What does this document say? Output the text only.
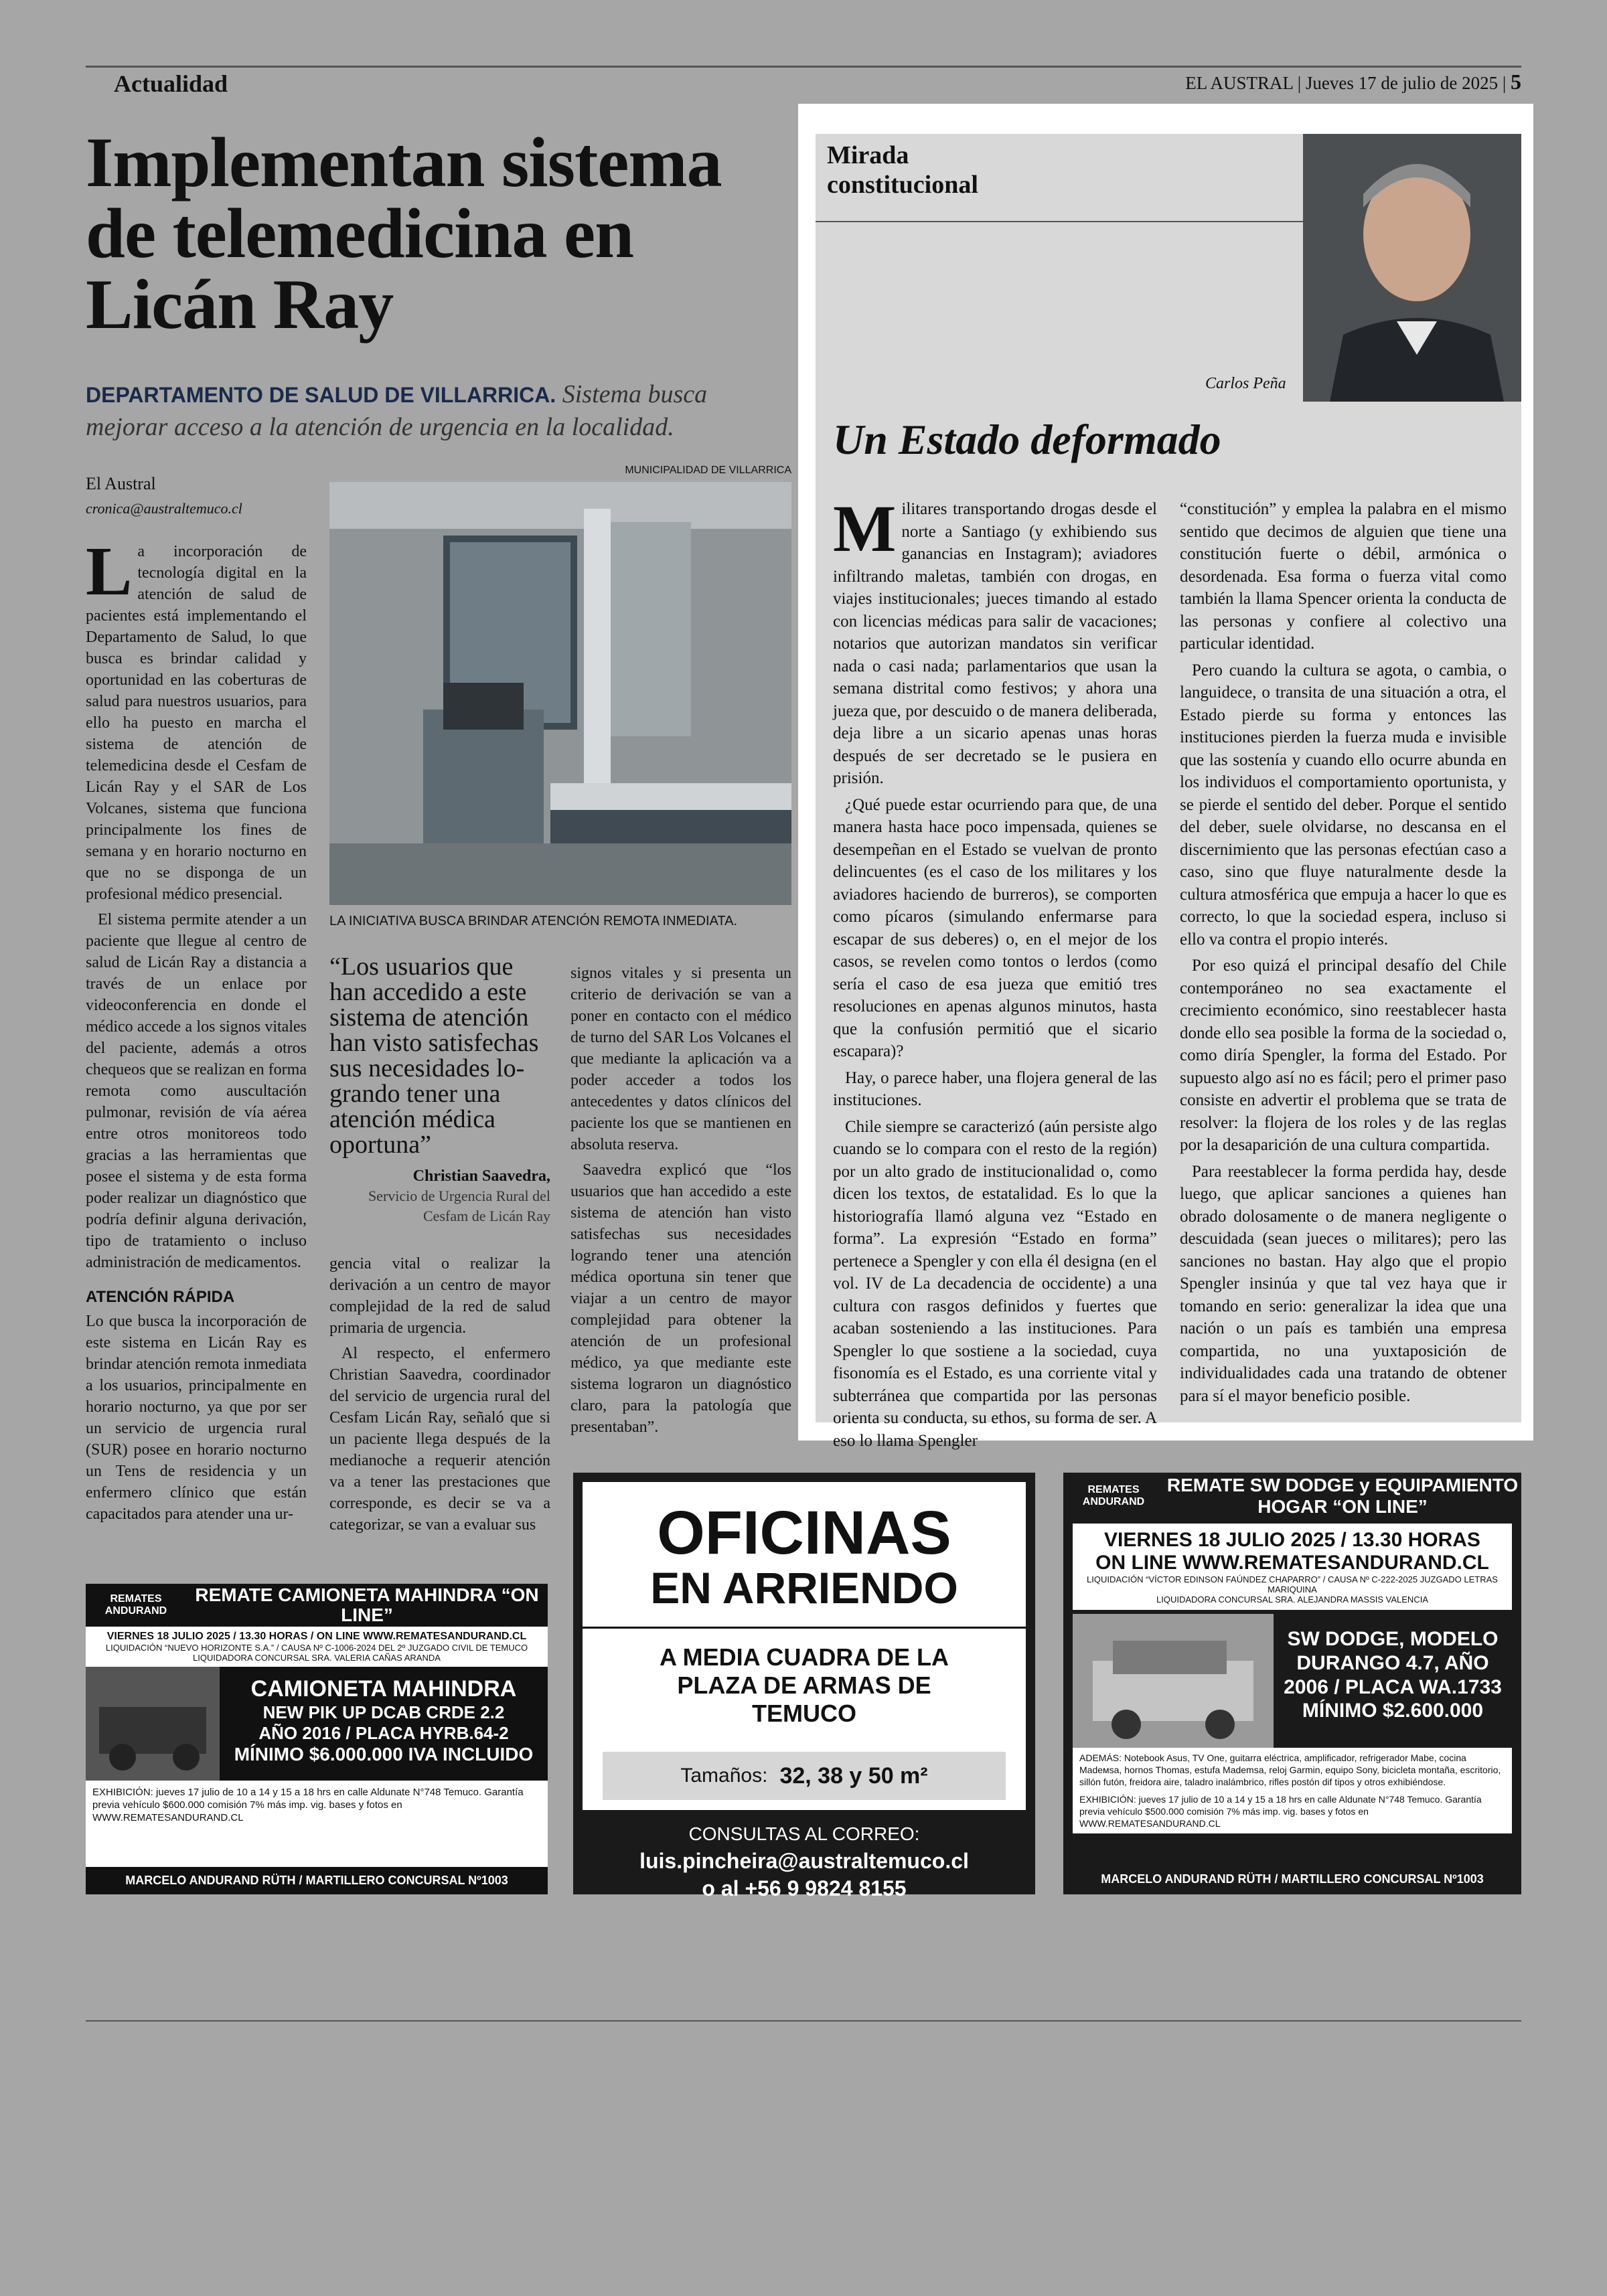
Actualidad	EL AUSTRAL | Jueves 17 de julio de 2025 | 5
Implementan sistema de telemedicina en Licán Ray
DEPARTAMENTO DE SALUD DE VILLARRICA. Sistema busca mejorar acceso a la atención de urgencia en la localidad.
El Austral
cronica@australtemuco.cl

La incorporación de tecnología digital en la atención de salud de pacientes está implementando el Departamento de Salud, lo que busca es brindar calidad y oportunidad en las coberturas de salud para nuestros usuarios, para ello ha puesto en marcha el sistema de atención de telemedicina desde el Cesfam de Licán Ray y el SAR de Los Volcanes, sistema que funciona principalmente los fines de semana y en horario nocturno en que no se disponga de un profesional médico presencial.

El sistema permite atender a un paciente que llegue al centro de salud de Licán Ray a distancia a través de un enlace por videoconferencia en donde el médico accede a los signos vitales del paciente, además a otros chequeos que se realizan en forma remota como auscultación pulmonar, revisión de vía aérea entre otros monitoreos todo gracias a las herramientas que posee el sistema y de esta forma poder realizar un diagnóstico que podría definir alguna derivación, tipo de tratamiento o incluso administración de medicamentos.

ATENCIÓN RÁPIDA

Lo que busca la incorporación de este sistema en Licán Ray es brindar atención remota inmediata a los usuarios, principalmente en horario nocturno, ya que por ser un servicio de urgencia rural (SUR) posee en horario nocturno un Tens de residencia y un enfermero clínico que están capacitados para atender una ur-

MUNICIPALIDAD DE VILLARRICA
LA INICIATIVA BUSCA BRINDAR ATENCIÓN REMOTA INMEDIATA.
“Los usuarios que han accedido a este sistema de atención han visto satisfechas sus necesidades lo- grando tener una atención médica oportuna”
Christian Saavedra,
Servicio de Urgencia Rural del Cesfam de Licán Ray

gencia vital o realizar la derivación a un centro de mayor complejidad de la red de salud primaria de urgencia.

Al respecto, el enfermero Christian Saavedra, coordinador del servicio de urgencia rural del Cesfam Licán Ray, señaló que si un paciente llega después de la medianoche a requerir atención va a tener las prestaciones que corresponde, es decir se va a categorizar, se van a evaluar sus

signos vitales y si presenta un criterio de derivación se van a poner en contacto con el médico de turno del SAR Los Volcanes el que mediante la aplicación va a poder acceder a todos los antecedentes y datos clínicos del paciente los que se mantienen en absoluta reserva.

Saavedra explicó que “los usuarios que han accedido a este sistema de atención han visto satisfechas sus necesidades logrando tener una atención médica oportuna sin tener que viajar a un centro de mayor complejidad para obtener la atención de un profesional médico, ya que mediante este sistema lograron un diagnóstico claro, para la patología que presentaban”.

Mirada constitucional
Carlos Peña
Un Estado deformado

Militares transportando drogas desde el norte a Santiago (y exhibiendo sus ganancias en Instagram); aviadores infiltrando maletas, también con drogas, en viajes institucionales; jueces timando al estado con licencias médicas para salir de vacaciones; notarios que autorizan mandatos sin verificar nada o casi nada; parlamentarios que usan la semana distrital como festivos; y ahora una jueza que, por descuido o de manera deliberada, deja libre a un sicario apenas unas horas después de ser decretado se le pusiera en prisión.

¿Qué puede estar ocurriendo para que, de una manera hasta hace poco impensada, quienes se desempeñan en el Estado se vuelvan de pronto delincuentes (es el caso de los militares y los aviadores haciendo de burreros), se comporten como pícaros (simulando enfermarse para escapar de sus deberes) o, en el mejor de los casos, se revelen como tontos o lerdos (como sería el caso de esa jueza que emitió tres resoluciones en apenas algunos minutos, hasta que la confusión permitió que el sicario escapara)?

Hay, o parece haber, una flojera general de las instituciones.

Chile siempre se caracterizó (aún persiste algo cuando se lo compara con el resto de la región) por un alto grado de institucionalidad o, como dicen los textos, de estatalidad. Es lo que la historiografía llamó alguna vez “Estado en forma”. La expresión “Estado en forma” pertenece a Spengler y con ella él designa (en el vol. IV de La decadencia de occidente) a una cultura con rasgos definidos y fuertes que acaban sosteniendo a las instituciones. Para Spengler lo que sostiene a la sociedad, cuya fisonomía es el Estado, es una corriente vital y subterránea que compartida por las personas orienta su conducta, su ethos, su forma de ser. A eso lo llama Spengler

“constitución” y emplea la palabra en el mismo sentido que decimos de alguien que tiene una constitución fuerte o débil, armónica o desordenada. Esa forma o fuerza vital como también la llama Spencer orienta la conducta de las personas y confiere al colectivo una particular identidad.

Pero cuando la cultura se agota, o cambia, o languidece, o transita de una situación a otra, el Estado pierde su forma y entonces las instituciones pierden la fuerza muda e invisible que las sostenía y cuando ello ocurre abunda en los individuos el comportamiento oportunista, y se pierde el sentido del deber. Porque el sentido del deber, suele olvidarse, no descansa en el discernimiento que las personas efectúan caso a caso, sino que fluye naturalmente desde la cultura atmosférica que empuja a hacer lo que es correcto, lo que la sociedad espera, incluso si ello va contra el propio interés.

Por eso quizá el principal desafío del Chile contemporáneo no sea exactamente el crecimiento económico, sino reestablecer hasta donde ello sea posible la forma de la sociedad o, como diría Spengler, la forma del Estado. Por supuesto algo así no es fácil; pero el primer paso consiste en advertir el problema que se trata de resolver: la flojera de los roles y de las reglas por la desaparición de una cultura compartida.

Para reestablecer la forma perdida hay, desde luego, que aplicar sanciones a quienes han obrado dolosamente o de manera negligente o descuidada (sean jueces o militares); pero las sanciones no bastan. Hay algo que el propio Spengler insinúa y que tal vez haya que ir tomando en serio: generalizar la idea que una nación o un país es también una empresa compartida, no una yuxtaposición de individualidades cada una tratando de obtener para sí el mayor beneficio posible.

REMATES ANDURAND
REMATE CAMIONETA MAHINDRA “ON LINE”
VIERNES 18 JULIO 2025 / 13.30 HORAS / ON LINE WWW.REMATESANDURAND.CL
LIQUIDACIÓN “NUEVO HORIZONTE S.A.” / CAUSA Nº C-1006-2024 DEL 2º JUZGADO CIVIL DE TEMUCO
LIQUIDADORA CONCURSAL SRA. VALERIA CAÑAS ARANDA
CAMIONETA MAHINDRA
NEW PIK UP DCAB CRDE 2.2
AÑO 2016 / PLACA HYRB.64-2
MÍNIMO $6.000.000 IVA INCLUIDO
EXHIBICIÓN: jueves 17 julio de 10 a 14 y 15 a 18 hrs en calle Aldunate N°748 Temuco. Garantía previa vehículo $600.000 comisión 7% más imp. vig. bases y fotos en WWW.REMATESANDURAND.CL
MARCELO ANDURAND RÜTH / MARTILLERO CONCURSAL Nº1003
OFICINAS
EN ARRIENDO
A MEDIA CUADRA DE LA PLAZA DE ARMAS DE TEMUCO
Tamaños: 32, 38 y 50 m²
CONSULTAS AL CORREO:
luis.pincheira@australtemuco.cl
o al +56 9 9824 8155
REMATES ANDURAND
REMATE SW DODGE y EQUIPAMIENTO HOGAR “ON LINE”
VIERNES 18 JULIO 2025 / 13.30 HORAS
ON LINE WWW.REMATESANDURAND.CL
LIQUIDACIÓN “VÍCTOR EDINSON FAÚNDEZ CHAPARRO” / CAUSA Nº C-222-2025 JUZGADO LETRAS MARIQUINA
LIQUIDADORA CONCURSAL SRA. ALEJANDRA MASSIS VALENCIA
SW DODGE, MODELO DURANGO 4.7, AÑO 2006 / PLACA WA.1733
MÍNIMO $2.600.000
ADEMÁS: Notebook Asus, TV One, guitarra eléctrica, amplificador, refrigerador Mabe, cocina Madeмsa, hornos Thomas, estufa Mademsa, reloj Garmin, equipo Sony, bicicleta montaña, escritorio, sillón futón, freidora aire, taladro inalámbrico, rifles postón dif tipos y otros exhibiéndose.
EXHIBICIÓN: jueves 17 julio de 10 a 14 y 15 a 18 hrs en calle Aldunate N°748 Temuco. Garantía previa vehículo $500.000 comisión 7% más imp. vig. bases y fotos en WWW.REMATESANDURAND.CL
MARCELO ANDURAND RÜTH / MARTILLERO CONCURSAL Nº1003
